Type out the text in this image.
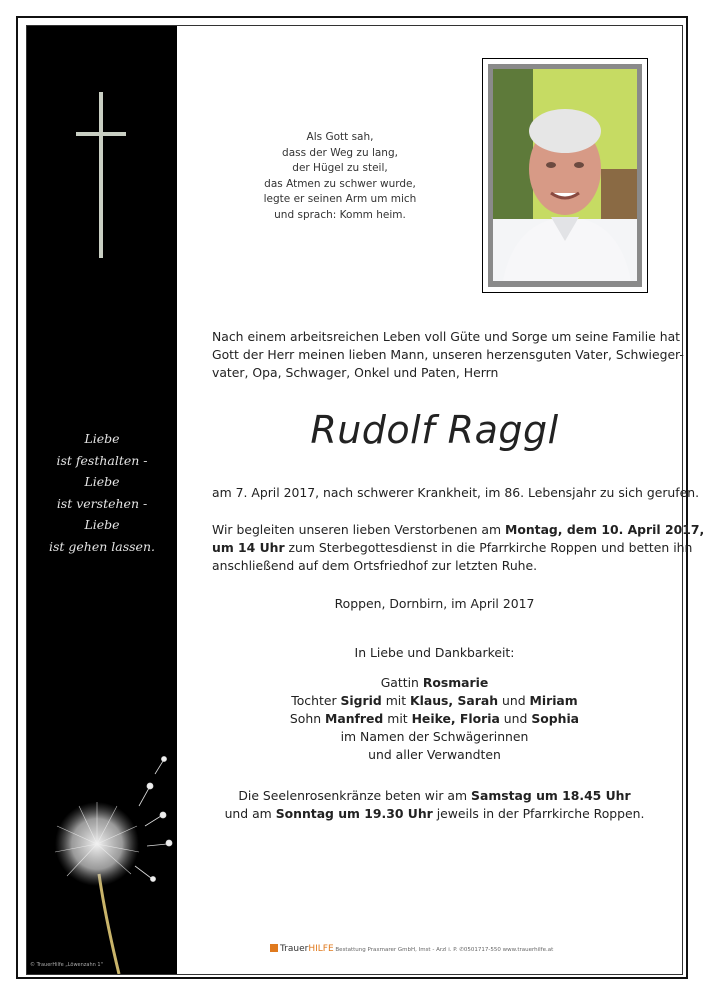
Liebe
ist festhalten -
Liebe
ist verstehen -
Liebe
ist gehen lassen.
© TrauerHilfe „Löwenzahn 1"
Als Gott sah,
dass der Weg zu lang,
der Hügel zu steil,
das Atmen zu schwer wurde,
legte er seinen Arm um mich
und sprach: Komm heim.
Nach einem arbeitsreichen Leben voll Güte und Sorge um seine Familie hat
Gott der Herr meinen lieben Mann, unseren herzensguten Vater, Schwieger-
vater, Opa, Schwager, Onkel und Paten, Herrn
Rudolf Raggl
am 7. April 2017, nach schwerer Krankheit, im 86. Lebensjahr zu sich gerufen.
Wir begleiten unseren lieben Verstorbenen am Montag, dem 10. April 2017,
um 14 Uhr zum Sterbegottesdienst in die Pfarrkirche Roppen und betten ihn
anschließend auf dem Ortsfriedhof zur letzten Ruhe.
Roppen, Dornbirn, im April 2017
In Liebe und Dankbarkeit:
Gattin Rosmarie
Tochter Sigrid mit Klaus, Sarah und Miriam
Sohn Manfred mit Heike, Floria und Sophia
im Namen der Schwägerinnen
und aller Verwandten
Die Seelenrosenkränze beten wir am Samstag um 18.45 Uhr
und am Sonntag um 19.30 Uhr jeweils in der Pfarrkirche Roppen.
TrauerHILFE Bestattung Praxmarer GmbH, Imst - Arzl i. P. ✆0501717-550 www.trauerhilfe.at
